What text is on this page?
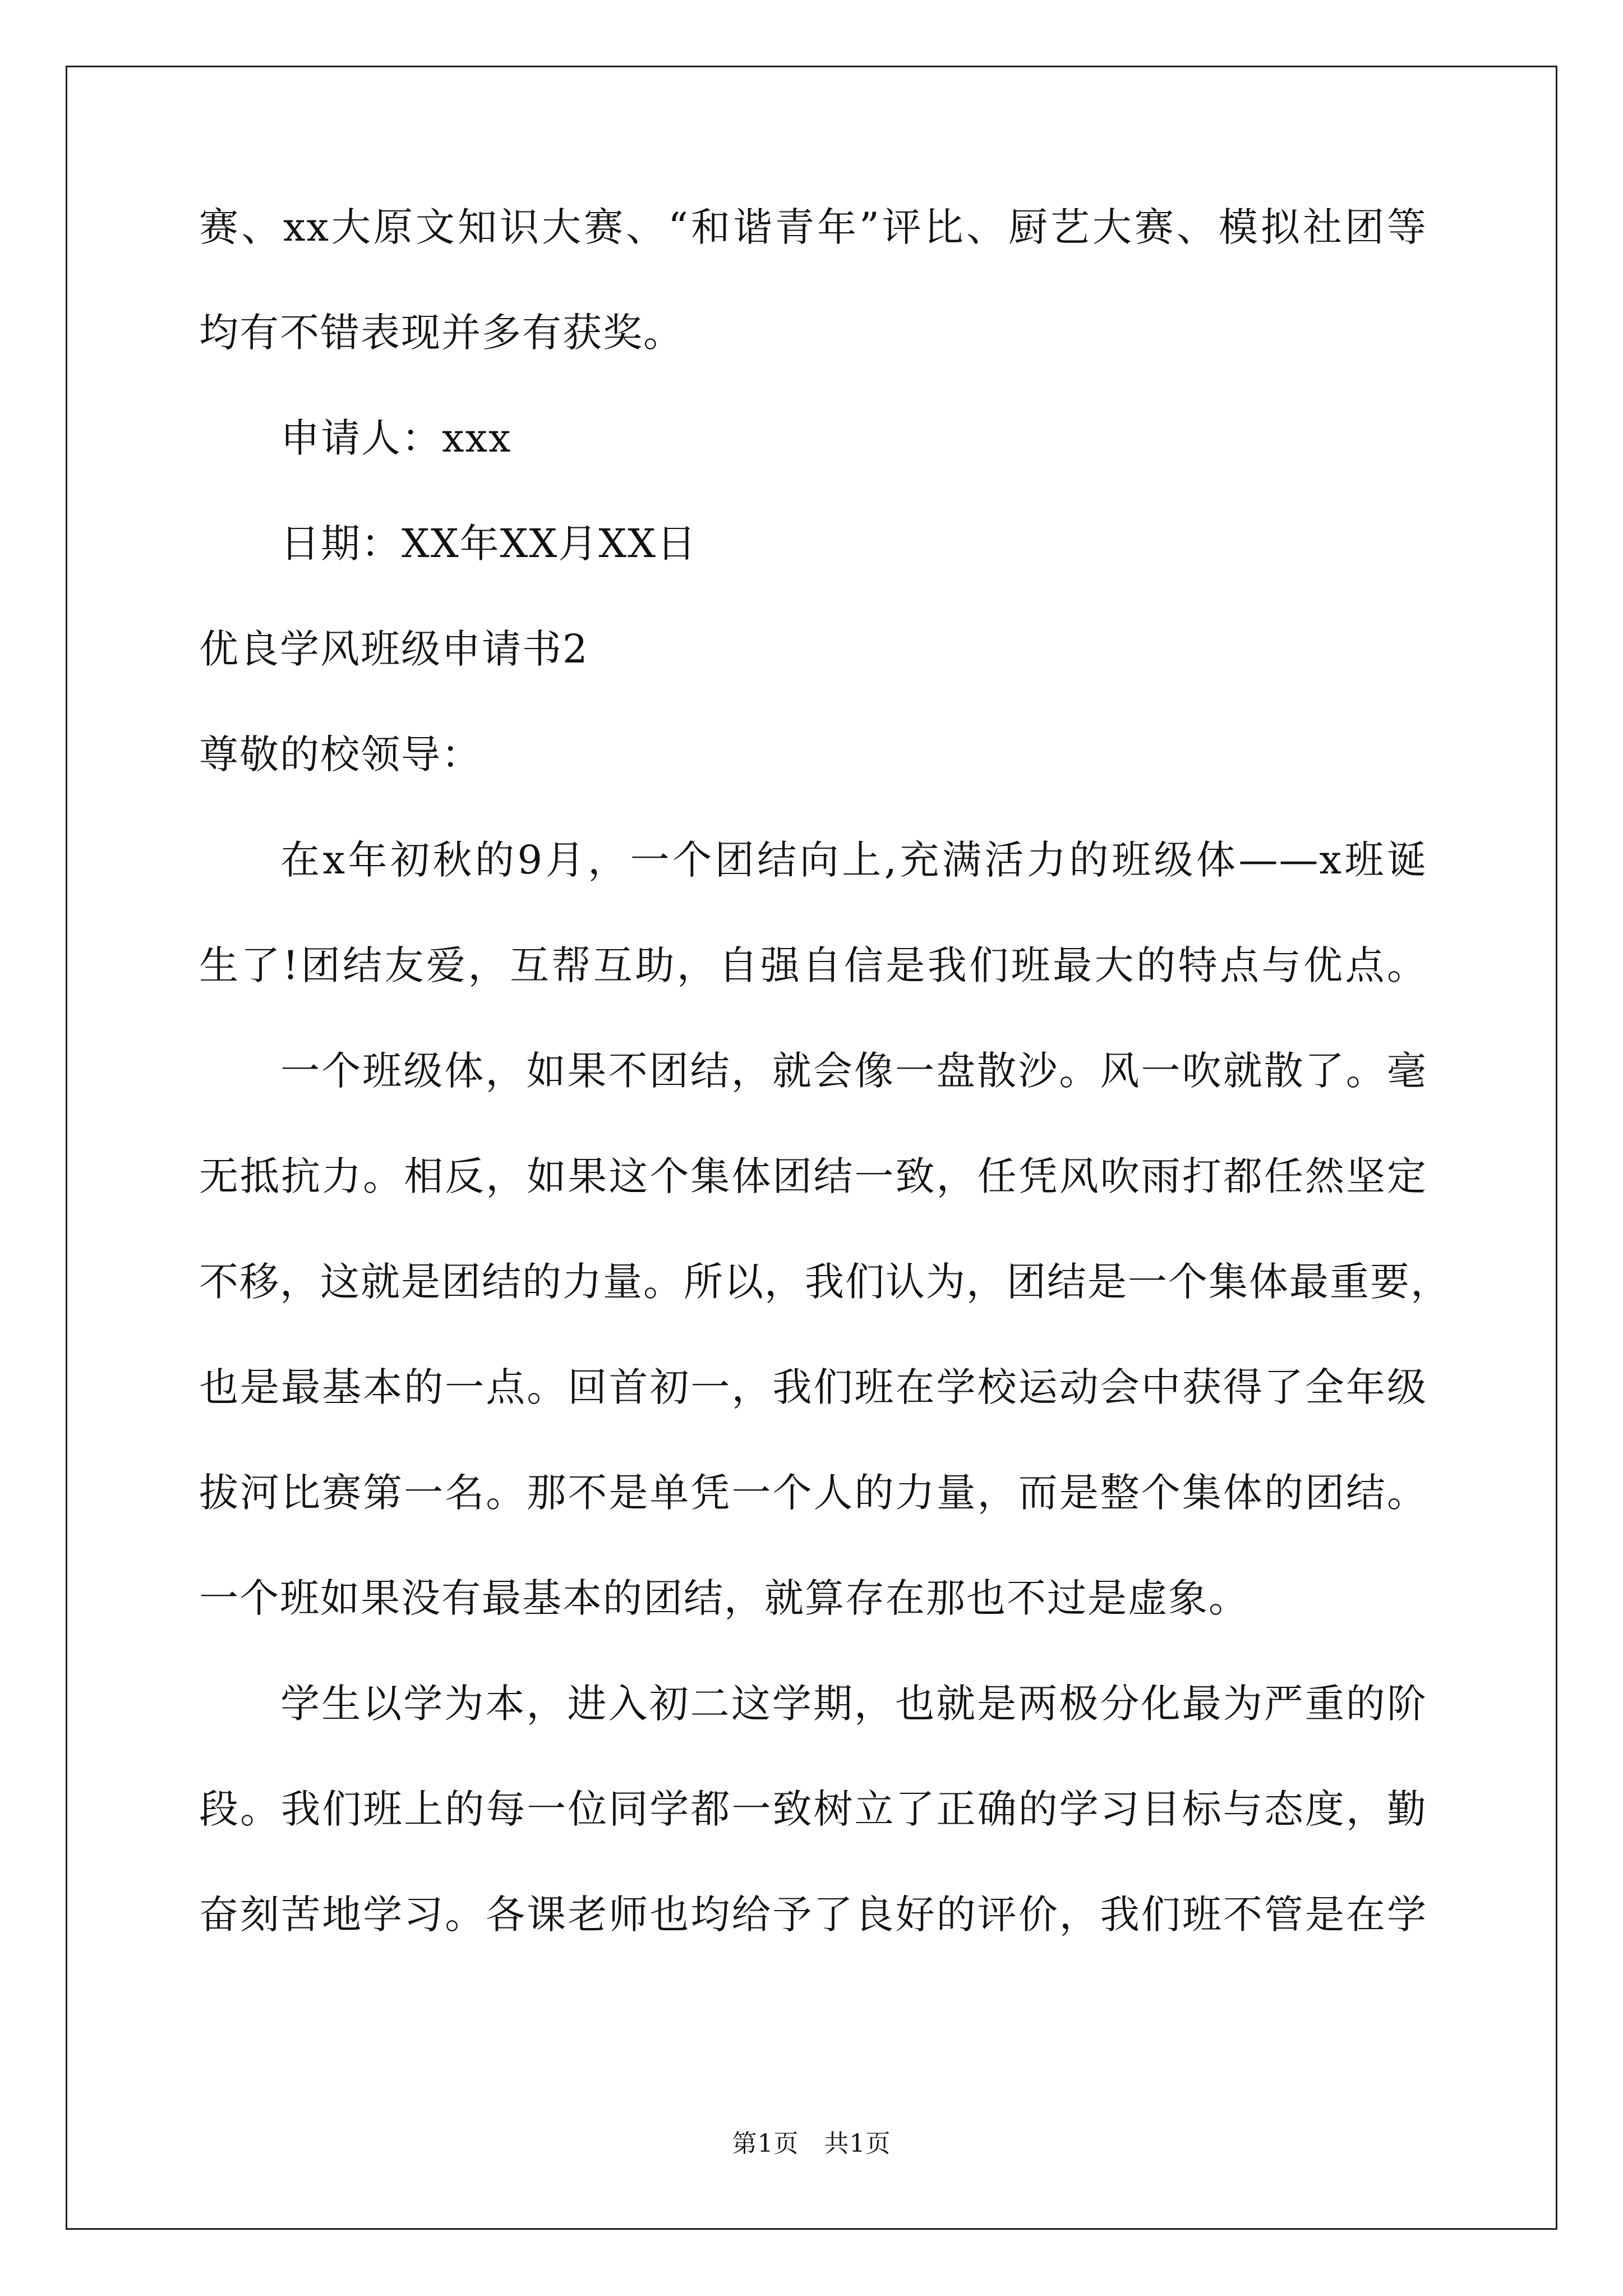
赛、xx大原文知识大赛、“和谐青年”评比、厨艺大赛、模拟社团等
均有不错表现并多有获奖。
申请人：xxx
日期：XX年XX月XX日
优良学风班级申请书2
尊敬的校领导：
在x年初秋的9月，一个团结向上,充满活力的班级体——x班诞
生了!团结友爱，互帮互助，自强自信是我们班最大的特点与优点。
一个班级体，如果不团结，就会像一盘散沙。风一吹就散了。毫
无抵抗力。相反，如果这个集体团结一致，任凭风吹雨打都任然坚定
不移，这就是团结的力量。所以，我们认为，团结是一个集体最重要，
也是最基本的一点。回首初一，我们班在学校运动会中获得了全年级
拔河比赛第一名。那不是单凭一个人的力量，而是整个集体的团结。
一个班如果没有最基本的团结，就算存在那也不过是虚象。
学生以学为本，进入初二这学期，也就是两极分化最为严重的阶
段。我们班上的每一位同学都一致树立了正确的学习目标与态度，勤
奋刻苦地学习。各课老师也均给予了良好的评价，我们班不管是在学
第1页　共1页
